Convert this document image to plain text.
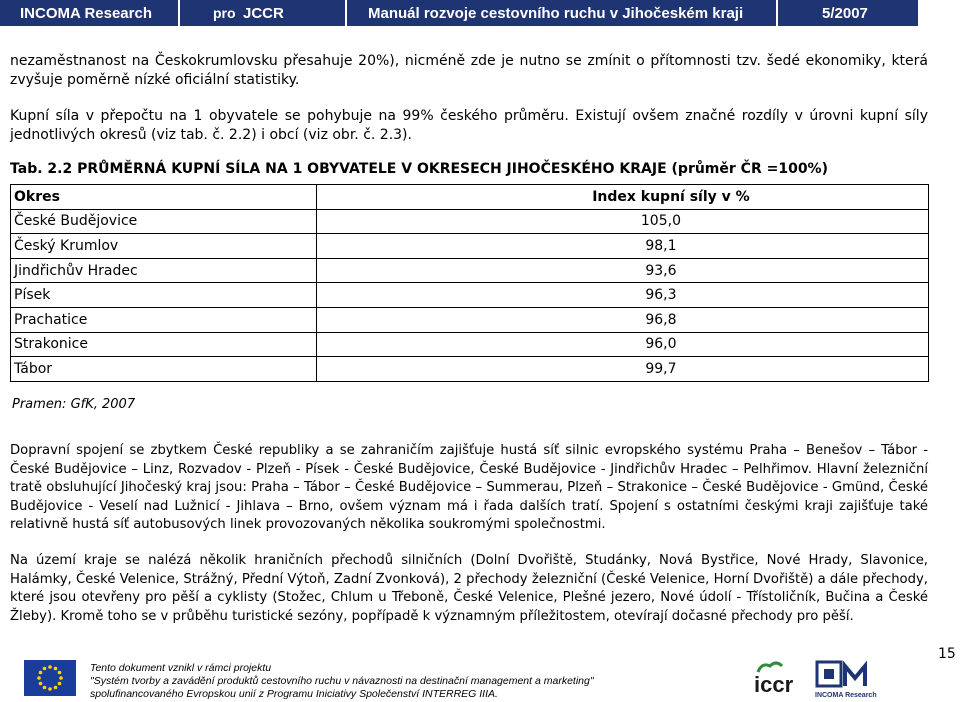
INCOMA Research	pro JCCR	Manuál rozvoje cestovního ruchu v Jihočeském kraji	5/2007

nezaměstnanost na Českokrumlovsku přesahuje 20%), nicméně zde je nutno se zmínit o přítomnosti tzv. šedé ekonomiky, která zvyšuje poměrně nízké oficiální statistiky.

Kupní síla v přepočtu na 1 obyvatele se pohybuje na 99% českého průměru. Existují ovšem značné rozdíly v úrovni kupní síly jednotlivých okresů (viz tab. č. 2.2) i obcí (viz obr. č. 2.3).

Tab. 2.2 PRŮMĚRNÁ KUPNÍ SÍLA NA 1 OBYVATELE V OKRESECH JIHOČESKÉHO KRAJE (průměr ČR =100%)
Okres	Index kupní síly v %
České Budějovice	105,0
Český Krumlov	98,1
Jindřichův Hradec	93,6
Písek	96,3
Prachatice	96,8
Strakonice	96,0
Tábor	99,7
Pramen: GfK, 2007

Dopravní spojení se zbytkem České republiky a se zahraničím zajišťuje hustá síť silnic evropského systému Praha – Benešov – Tábor - České Budějovice – Linz, Rozvadov - Plzeň - Písek - České Budějovice, České Budějovice - Jindřichův Hradec – Pelhřimov. Hlavní železniční tratě obsluhující Jihočeský kraj jsou: Praha – Tábor – České Budějovice – Summerau, Plzeň – Strakonice – České Budějovice - Gmünd, České Budějovice - Veselí nad Lužnicí - Jihlava – Brno, ovšem význam má i řada dalších tratí. Spojení s ostatními českými kraji zajišťuje také relativně hustá síť autobusových linek provozovaných několika soukromými společnostmi.

Na území kraje se nalézá několik hraničních přechodů silničních (Dolní Dvořiště, Studánky, Nová Bystřice, Nové Hrady, Slavonice, Halámky, České Velenice, Strážný, Přední Výtoň, Zadní Zvonková), 2 přechody železniční (České Velenice, Horní Dvořiště) a dále přechody, které jsou otevřeny pro pěší a cyklisty (Stožec, Chlum u Třeboně, České Velenice, Plešné jezero, Nové údolí - Třístoličník, Bučina a České Žleby). Kromě toho se v průběhu turistické sezóny, popřípadě k významným příležitostem, otevírají dočasné přechody pro pěší.

15
Tento dokument vznikl v rámci projektu
"Systém tvorby a zavádění produktů cestovního ruchu v návaznosti na destinační management a marketing"
spolufinancovaného Evropskou unií z Programu Iniciativy Společenství INTERREG IIIA.	iccr	INCOMA Research
